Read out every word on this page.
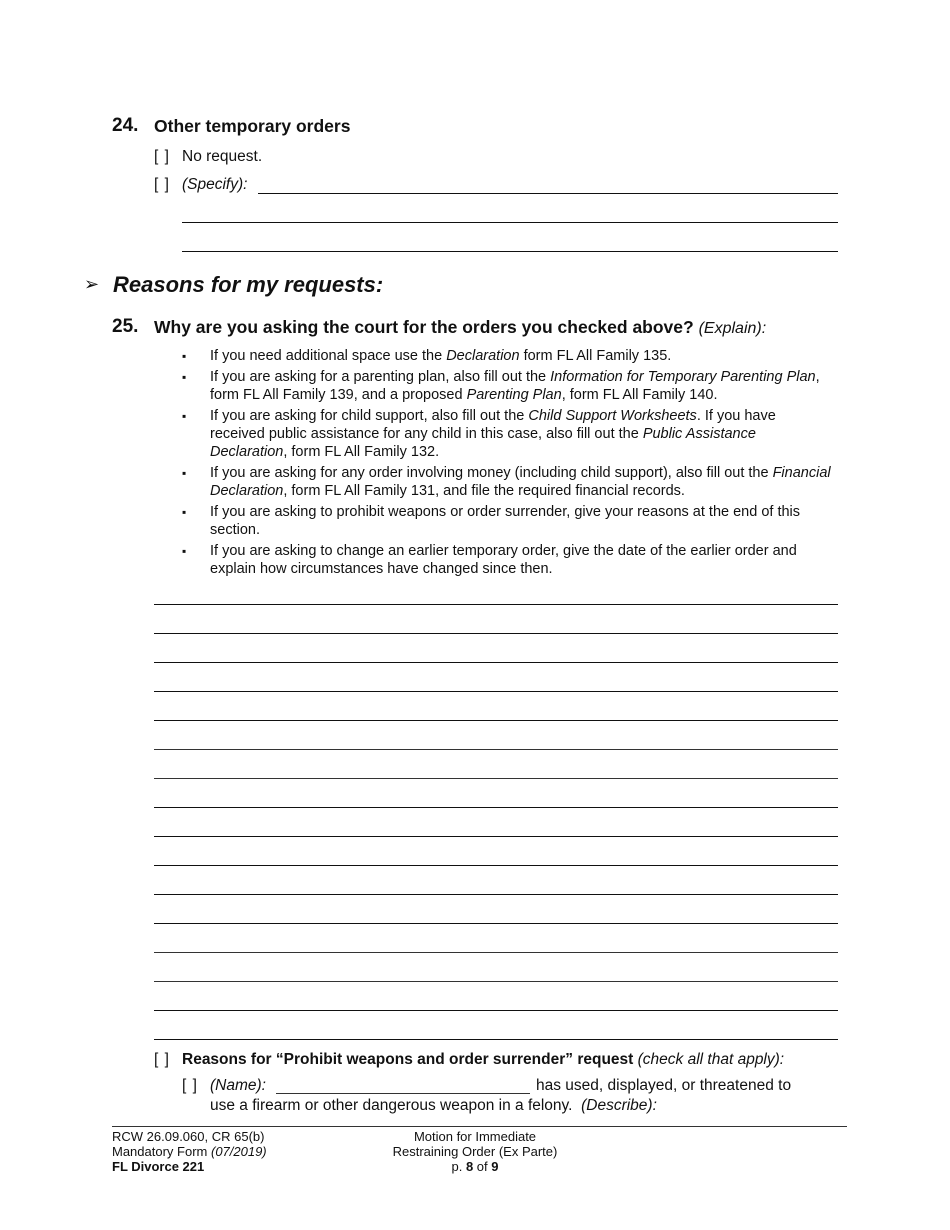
24. Other temporary orders
[ ] No request.
[ ] (Specify):
➢ Reasons for my requests:
25. Why are you asking the court for the orders you checked above? (Explain):
▪ If you need additional space use the Declaration form FL All Family 135.
▪ If you are asking for a parenting plan, also fill out the Information for Temporary Parenting Plan, form FL All Family 139, and a proposed Parenting Plan, form FL All Family 140.
▪ If you are asking for child support, also fill out the Child Support Worksheets. If you have received public assistance for any child in this case, also fill out the Public Assistance Declaration, form FL All Family 132.
▪ If you are asking for any order involving money (including child support), also fill out the Financial Declaration, form FL All Family 131, and file the required financial records.
▪ If you are asking to prohibit weapons or order surrender, give your reasons at the end of this section.
▪ If you are asking to change an earlier temporary order, give the date of the earlier order and explain how circumstances have changed since then.
[ ] Reasons for “Prohibit weapons and order surrender” request (check all that apply):
[ ] (Name):	has used, displayed, or threatened to
use a firearm or other dangerous weapon in a felony. (Describe):
RCW 26.09.060, CR 65(b)
Mandatory Form (07/2019)
FL Divorce 221
Motion for Immediate
Restraining Order (Ex Parte)
p. 8 of 9
